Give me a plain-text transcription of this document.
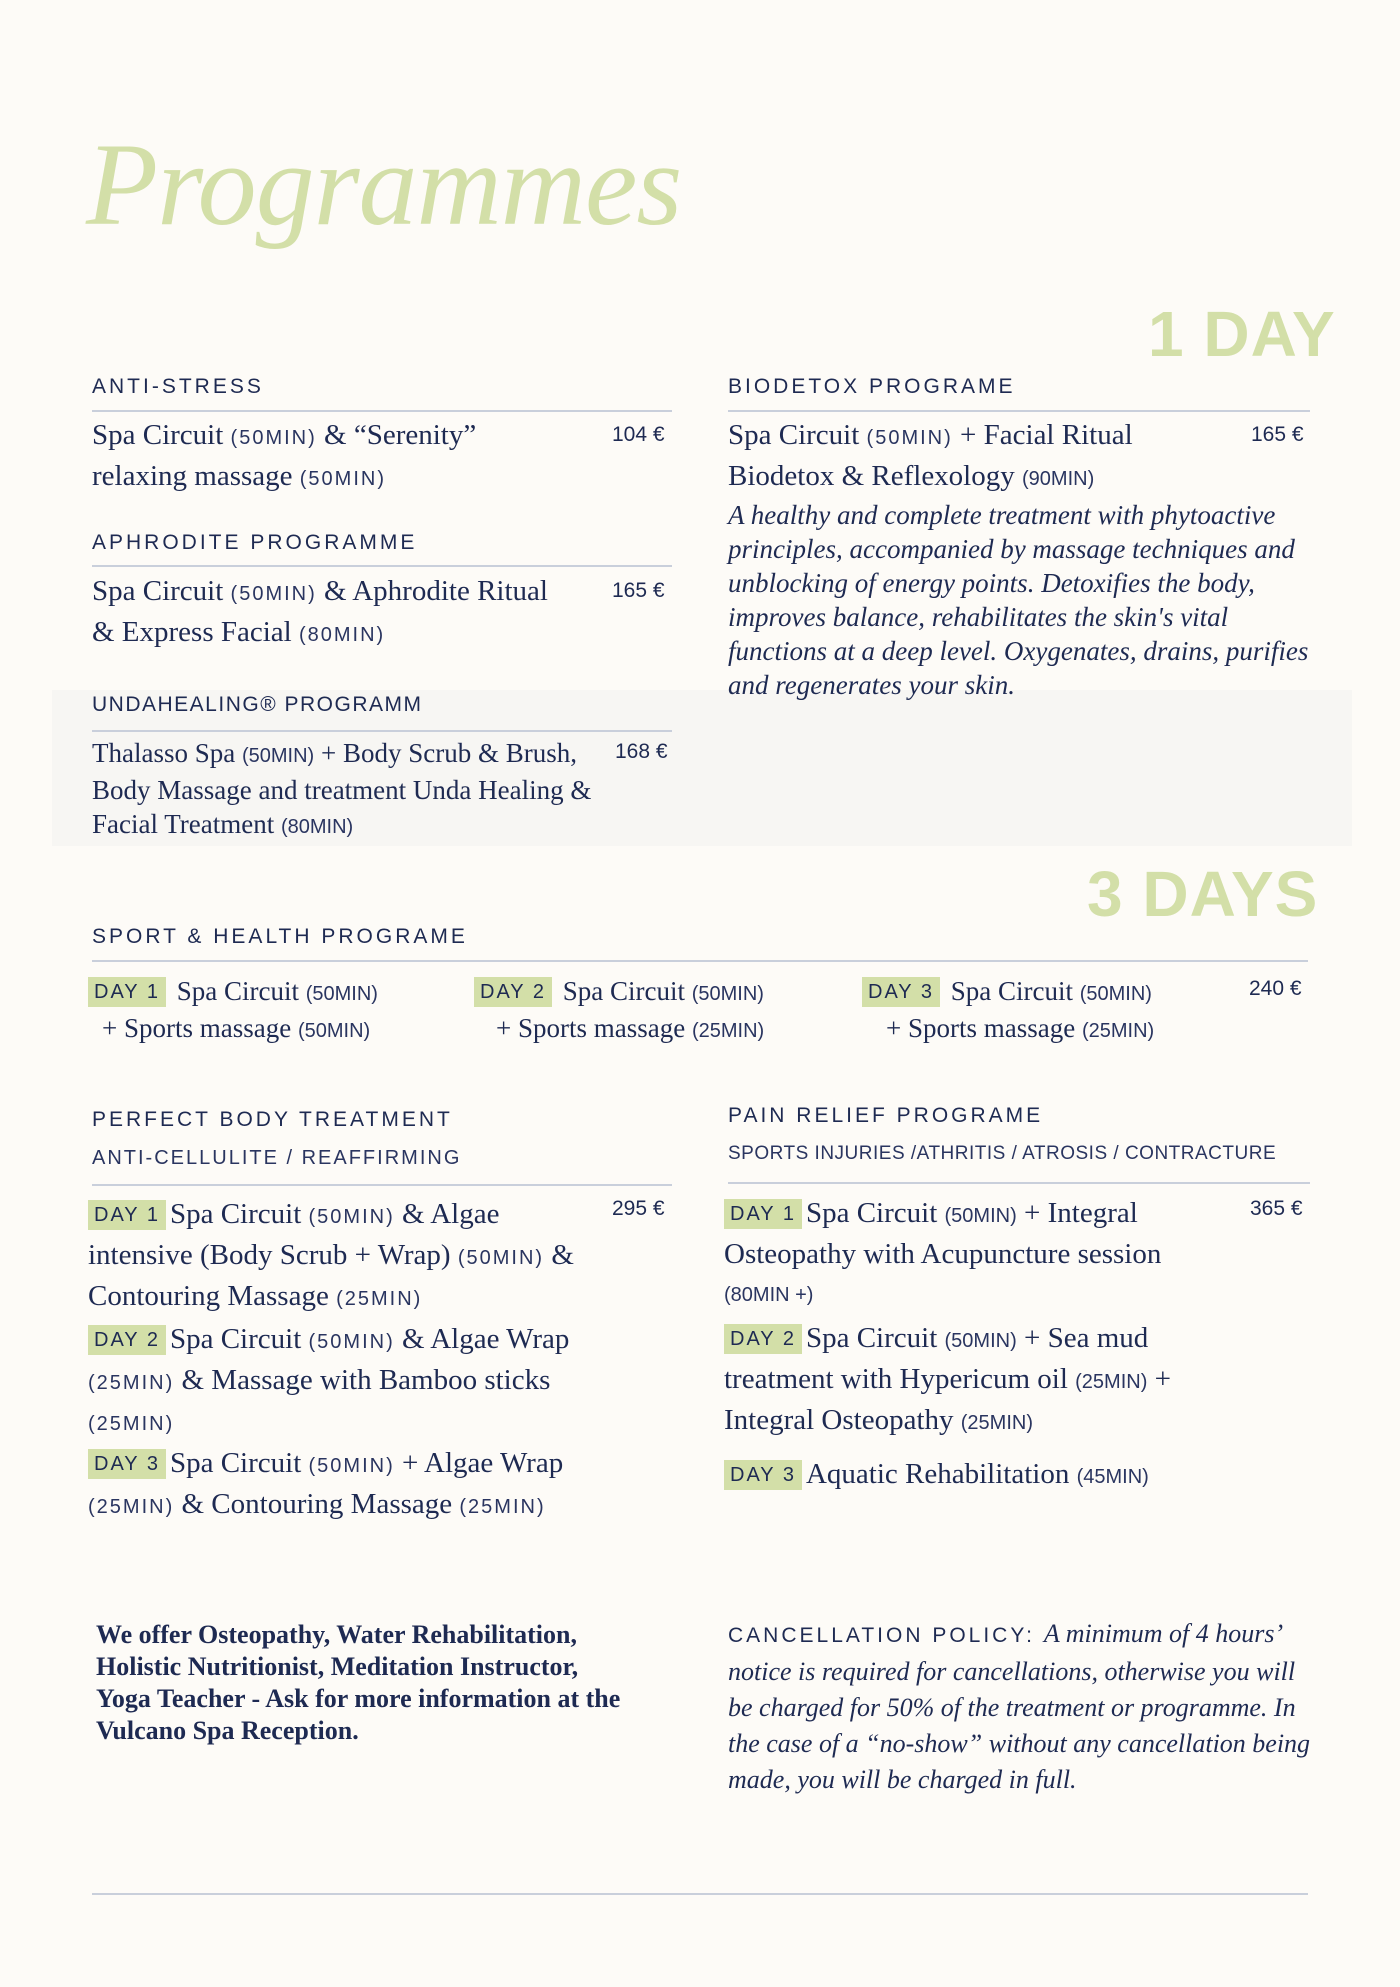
Programmes
1 DAY
ANTI-STRESS
Spa Circuit (50MIN) & “Serenity” relaxing massage (50MIN)
104 €
APHRODITE PROGRAMME
Spa Circuit (50MIN) & Aphrodite Ritual & Express Facial (80MIN)
165 €
UNDAHEALING® PROGRAMM
Thalasso Spa (50MIN) + Body Scrub & Brush, Body Massage and treatment Unda Healing & Facial Treatment (80MIN)
168 €
BIODETOX PROGRAME
Spa Circuit (50MIN) + Facial Ritual Biodetox & Reflexology (90MIN)
165 €
A healthy and complete treatment with phytoactive principles, accompanied by massage techniques and unblocking of energy points. Detoxifies the body, improves balance, rehabilitates the skin's vital functions at a deep level. Oxygenates, drains, purifies and regenerates your skin.
3 DAYS
SPORT & HEALTH PROGRAME
DAY 1 Spa Circuit (50MIN)
+ Sports massage (50MIN)
DAY 2 Spa Circuit (50MIN)
+ Sports massage (25MIN)
DAY 3 Spa Circuit (50MIN)
+ Sports massage (25MIN)
240 €
PERFECT BODY TREATMENT
ANTI-CELLULITE / REAFFIRMING
295 €
DAY 1 Spa Circuit (50MIN) & Algae intensive (Body Scrub + Wrap) (50MIN) & Contouring Massage (25MIN)
DAY 2 Spa Circuit (50MIN) & Algae Wrap (25MIN) & Massage with Bamboo sticks (25MIN)
DAY 3 Spa Circuit (50MIN) + Algae Wrap (25MIN) & Contouring Massage (25MIN)
PAIN RELIEF PROGRAME
SPORTS INJURIES /ATHRITIS / ATROSIS / CONTRACTURE
365 €
DAY 1 Spa Circuit (50MIN) + Integral Osteopathy with Acupuncture session (80MIN +)
DAY 2 Spa Circuit (50MIN) + Sea mud treatment with Hypericum oil (25MIN) + Integral Osteopathy (25MIN)
DAY 3 Aquatic Rehabilitation (45MIN)
We offer Osteopathy, Water Rehabilitation, Holistic Nutritionist, Meditation Instructor, Yoga Teacher - Ask for more information at the Vulcano Spa Reception.
CANCELLATION POLICY: A minimum of 4 hours’ notice is required for cancellations, otherwise you will be charged for 50% of the treatment or programme. In the case of a “no-show” without any cancellation being made, you will be charged in full.
